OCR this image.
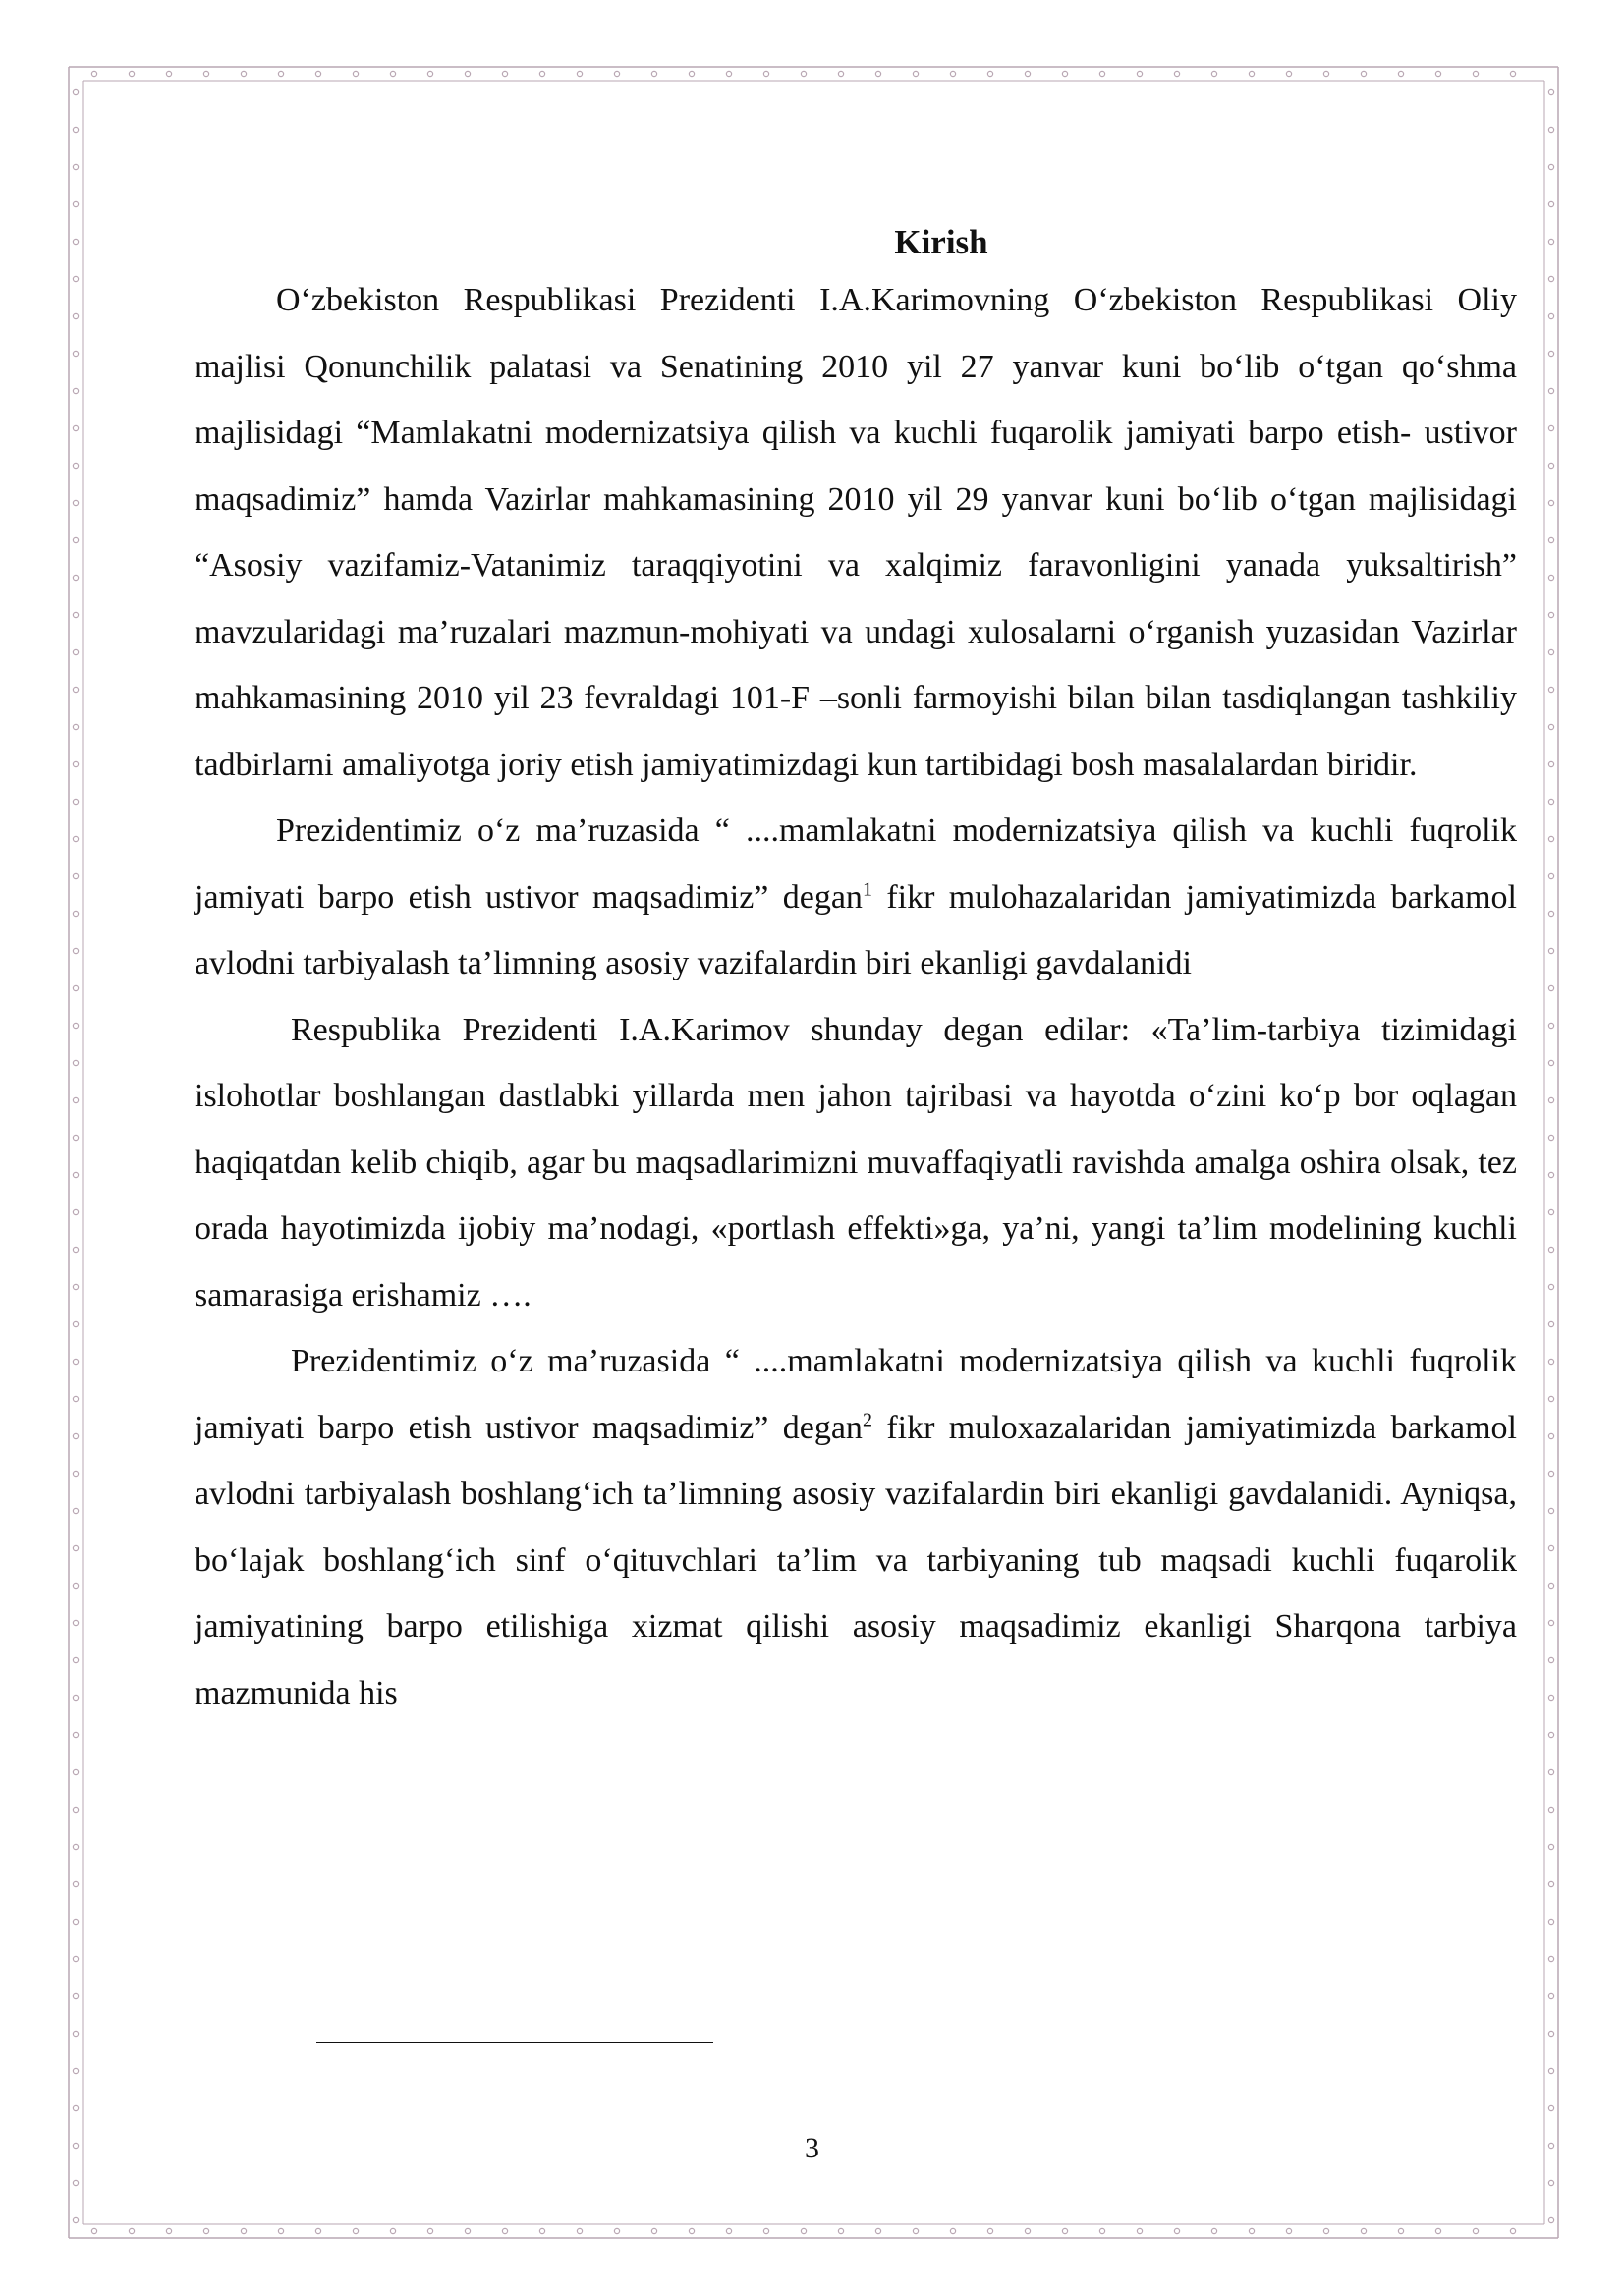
Kirish

O‘zbekiston Respublikasi Prezidenti I.A.Karimovning O‘zbekiston Respublikasi Oliy majlisi Qonunchilik palatasi va Senatining 2010 yil 27 yanvar kuni bo‘lib o‘tgan qo‘shma majlisidagi “Mamlakatni modernizatsiya qilish va kuchli fuqarolik jamiyati barpo etish- ustivor maqsadimiz” hamda Vazirlar mahkamasining 2010 yil 29 yanvar kuni bo‘lib o‘tgan majlisidagi “Asosiy vazifamiz-Vatanimiz taraqqiyotini va xalqimiz faravonligini yanada yuksaltirish” mavzularidagi ma’ruzalari mazmun-mohiyati va undagi xulosalarni o‘rganish yuzasidan Vazirlar mahkamasining 2010 yil 23 fevraldagi 101-F –sonli farmoyishi bilan bilan tasdiqlangan tashkiliy tadbirlarni amaliyotga joriy etish jamiyatimizdagi kun tartibidagi bosh masalalardan biridir.

Prezidentimiz o‘z ma’ruzasida “ ....mamlakatni modernizatsiya qilish va kuchli fuqrolik jamiyati barpo etish ustivor maqsadimiz” degan$^1$ fikr mulohazalaridan jamiyatimizda barkamol avlodni tarbiyalash ta’limning asosiy vazifalardin biri ekanligi gavdalanidi

Respublika Prezidenti I.A.Karimov shunday degan edilar: «Ta’lim-tarbiya tizimidagi islohotlar boshlangan dastlabki yillarda men jahon tajribasi va hayotda o‘zini ko‘p bor oqlagan haqiqatdan kelib chiqib, agar bu maqsadlarimizni muvaffaqiyatli ravishda amalga oshira olsak, tez orada hayotimizda ijobiy ma’nodagi, «portlash effekti»ga, ya’ni, yangi ta’lim modelining kuchli samarasiga erishamiz ….

Prezidentimiz o‘z ma’ruzasida “ ....mamlakatni modernizatsiya qilish va kuchli fuqrolik jamiyati barpo etish ustivor maqsadimiz” degan$^2$ fikr muloxazalaridan jamiyatimizda barkamol avlodni tarbiyalash boshlang‘ich ta’limning asosiy vazifalardin biri ekanligi gavdalanidi. Ayniqsa, bo‘lajak boshlang‘ich sinf o‘qituvchlari ta’lim va tarbiyaning tub maqsadi kuchli fuqarolik jamiyatining barpo etilishiga xizmat qilishi asosiy maqsadimiz ekanligi Sharqona tarbiya mazmunida his

3
